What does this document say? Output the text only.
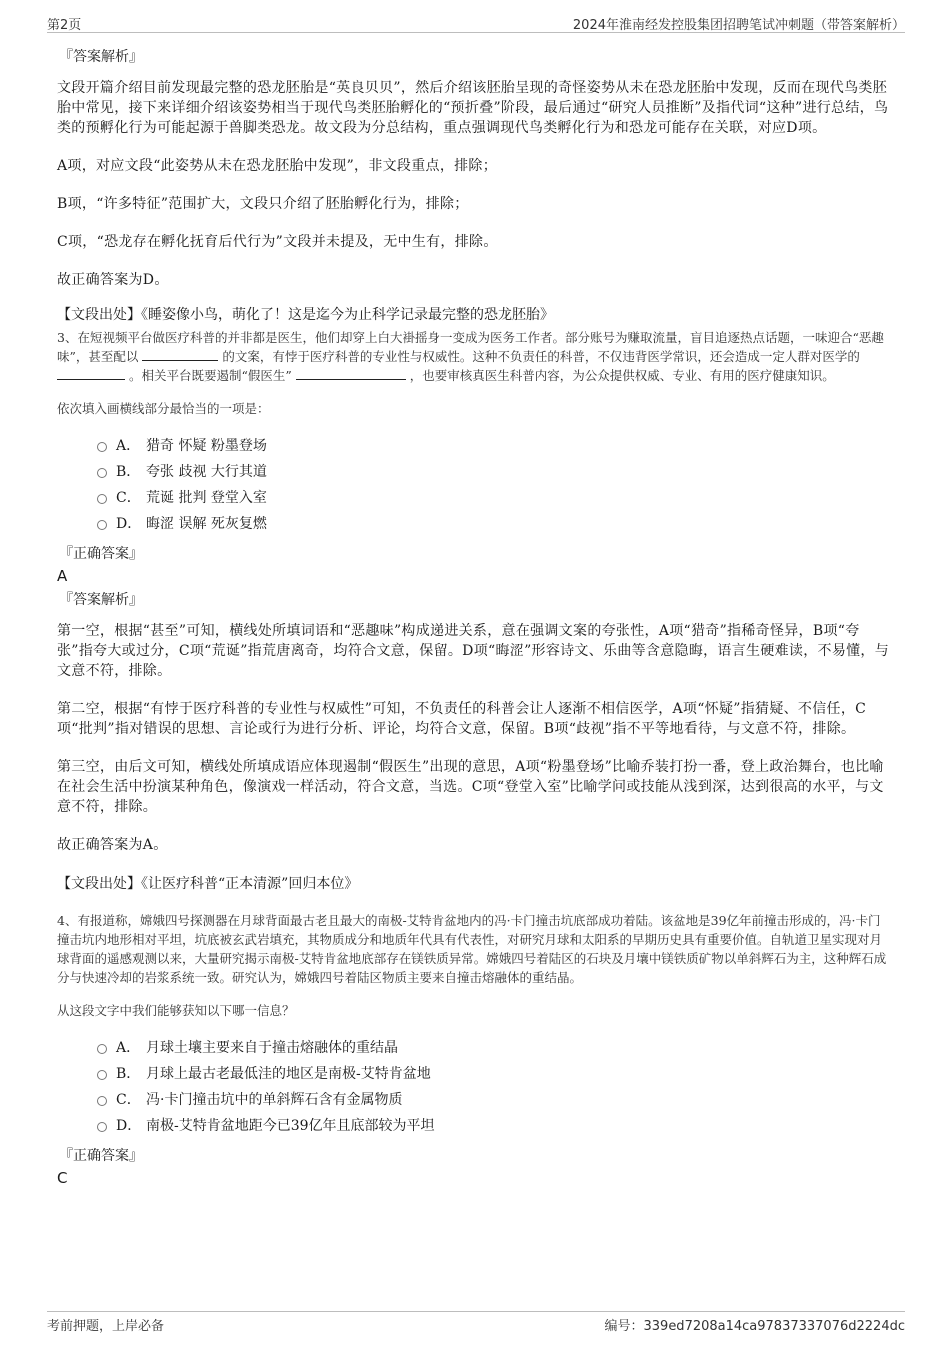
第2页	2024年淮南经发控股集团招聘笔试冲刺题（带答案解析）
『答案解析』

文段开篇介绍目前发现最完整的恐龙胚胎是“英良贝贝”，然后介绍该胚胎呈现的奇怪姿势从未在恐龙胚胎中发现，反而在现代鸟类胚胎中常见，接下来详细介绍该姿势相当于现代鸟类胚胎孵化的“预折叠”阶段，最后通过“研究人员推断”及指代词“这种”进行总结，鸟类的预孵化行为可能起源于兽脚类恐龙。故文段为分总结构，重点强调现代鸟类孵化行为和恐龙可能存在关联，对应D项。

A项，对应文段“此姿势从未在恐龙胚胎中发现”，非文段重点，排除；

B项，“许多特征”范围扩大，文段只介绍了胚胎孵化行为，排除；

C项，“恐龙存在孵化抚育后代行为”文段并未提及，无中生有，排除。

故正确答案为D。

【文段出处】《睡姿像小鸟，萌化了！这是迄今为止科学记录最完整的恐龙胚胎》

3、在短视频平台做医疗科普的并非都是医生，他们却穿上白大褂摇身一变成为医务工作者。部分账号为赚取流量，盲目追逐热点话题，一味迎合“恶趣味”，甚至配以	的文案，有悖于医疗科普的专业性与权威性。这种不负责任的科普，不仅违背医学常识，还会造成一定人群对医学的  。相关平台既要遏制“假医生”	，也要审核真医生科普内容，为公众提供权威、专业、有用的医疗健康知识。

依次填入画横线部分最恰当的一项是：

A． 猎奇 怀疑 粉墨登场
B． 夸张 歧视 大行其道
C． 荒诞 批判 登堂入室
D． 晦涩 误解 死灰复燃
『正确答案』
A
『答案解析』

第一空，根据“甚至”可知，横线处所填词语和“恶趣味”构成递进关系，意在强调文案的夸张性，A项“猎奇”指稀奇怪异，B项“夸张”指夸大或过分，C项“荒诞”指荒唐离奇，均符合文意，保留。D项“晦涩”形容诗文、乐曲等含意隐晦，语言生硬难读，不易懂，与文意不符，排除。

第二空，根据“有悖于医疗科普的专业性与权威性”可知，不负责任的科普会让人逐渐不相信医学，A项“怀疑”指猜疑、不信任，C项“批判”指对错误的思想、言论或行为进行分析、评论，均符合文意，保留。B项“歧视”指不平等地看待，与文意不符，排除。

第三空，由后文可知，横线处所填成语应体现遏制“假医生”出现的意思，A项“粉墨登场”比喻乔装打扮一番，登上政治舞台，也比喻在社会生活中扮演某种角色，像演戏一样活动，符合文意，当选。C项“登堂入室”比喻学问或技能从浅到深，达到很高的水平，与文意不符，排除。

故正确答案为A。

【文段出处】《让医疗科普“正本清源”回归本位》

4、有报道称，嫦娥四号探测器在月球背面最古老且最大的南极-艾特肯盆地内的冯·卡门撞击坑底部成功着陆。该盆地是39亿年前撞击形成的，冯·卡门撞击坑内地形相对平坦，坑底被玄武岩填充，其物质成分和地质年代具有代表性，对研究月球和太阳系的早期历史具有重要价值。自轨道卫星实现对月球背面的遥感观测以来，大量研究揭示南极-艾特肯盆地底部存在镁铁质异常。嫦娥四号着陆区的石块及月壤中镁铁质矿物以单斜辉石为主，这种辉石成分与快速冷却的岩浆系统一致。研究认为，嫦娥四号着陆区物质主要来自撞击熔融体的重结晶。

从这段文字中我们能够获知以下哪一信息？

A． 月球土壤主要来自于撞击熔融体的重结晶
B． 月球上最古老最低洼的地区是南极-艾特肯盆地
C． 冯·卡门撞击坑中的单斜辉石含有金属物质
D． 南极-艾特肯盆地距今已39亿年且底部较为平坦
『正确答案』
C
考前押题，上岸必备	编号：339ed7208a14ca97837337076d2224dc
